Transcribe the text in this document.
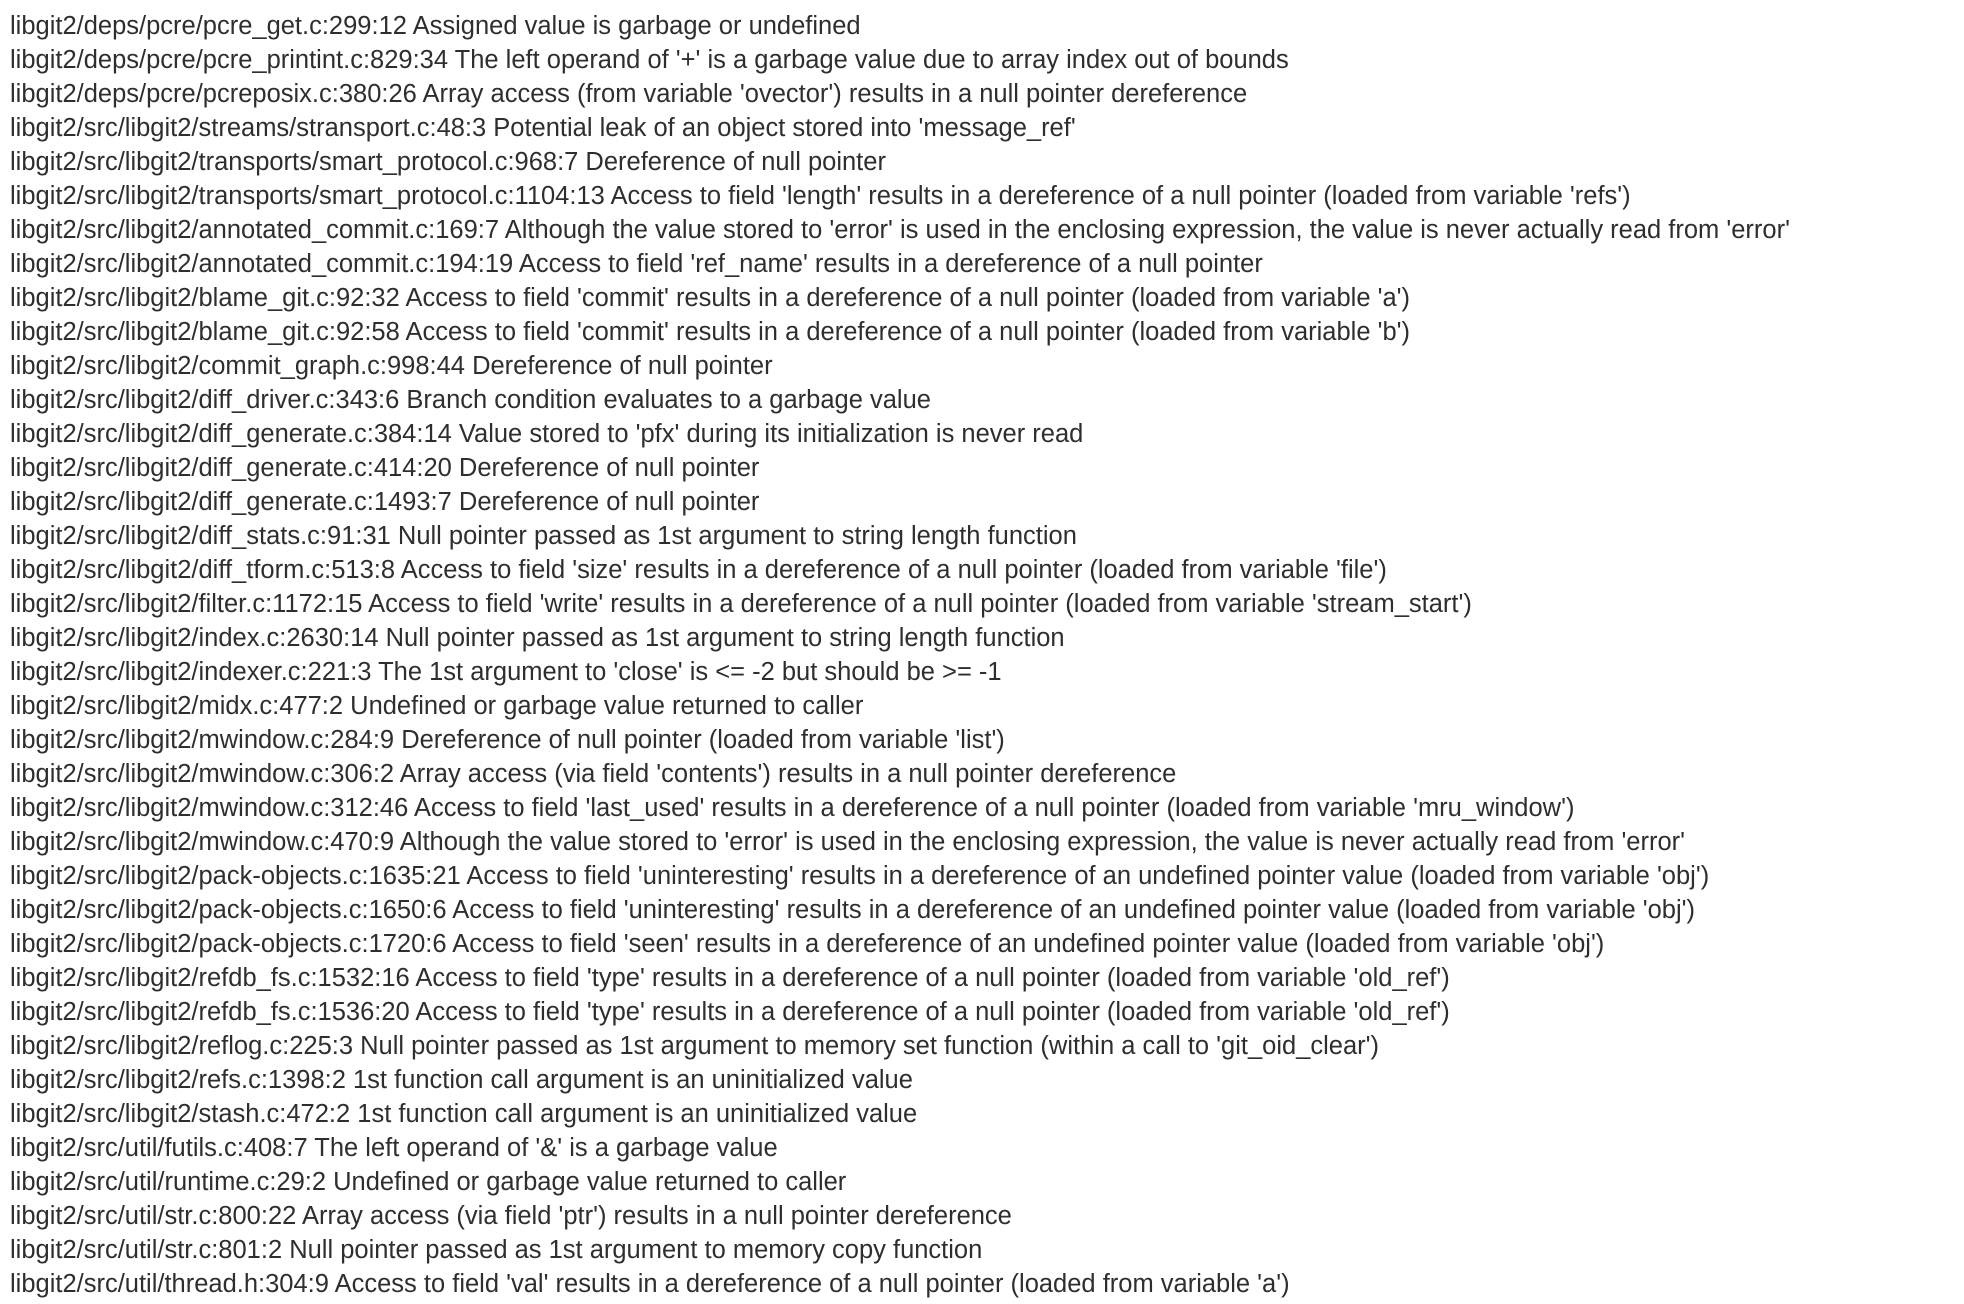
libgit2/deps/pcre/pcre_get.c:299:12 Assigned value is garbage or undefined
libgit2/deps/pcre/pcre_printint.c:829:34 The left operand of '+' is a garbage value due to array index out of bounds
libgit2/deps/pcre/pcreposix.c:380:26 Array access (from variable 'ovector') results in a null pointer dereference
libgit2/src/libgit2/streams/stransport.c:48:3 Potential leak of an object stored into 'message_ref'
libgit2/src/libgit2/transports/smart_protocol.c:968:7 Dereference of null pointer
libgit2/src/libgit2/transports/smart_protocol.c:1104:13 Access to field 'length' results in a dereference of a null pointer (loaded from variable 'refs')
libgit2/src/libgit2/annotated_commit.c:169:7 Although the value stored to 'error' is used in the enclosing expression, the value is never actually read from 'error'
libgit2/src/libgit2/annotated_commit.c:194:19 Access to field 'ref_name' results in a dereference of a null pointer
libgit2/src/libgit2/blame_git.c:92:32 Access to field 'commit' results in a dereference of a null pointer (loaded from variable 'a')
libgit2/src/libgit2/blame_git.c:92:58 Access to field 'commit' results in a dereference of a null pointer (loaded from variable 'b')
libgit2/src/libgit2/commit_graph.c:998:44 Dereference of null pointer
libgit2/src/libgit2/diff_driver.c:343:6 Branch condition evaluates to a garbage value
libgit2/src/libgit2/diff_generate.c:384:14 Value stored to 'pfx' during its initialization is never read
libgit2/src/libgit2/diff_generate.c:414:20 Dereference of null pointer
libgit2/src/libgit2/diff_generate.c:1493:7 Dereference of null pointer
libgit2/src/libgit2/diff_stats.c:91:31 Null pointer passed as 1st argument to string length function
libgit2/src/libgit2/diff_tform.c:513:8 Access to field 'size' results in a dereference of a null pointer (loaded from variable 'file')
libgit2/src/libgit2/filter.c:1172:15 Access to field 'write' results in a dereference of a null pointer (loaded from variable 'stream_start')
libgit2/src/libgit2/index.c:2630:14 Null pointer passed as 1st argument to string length function
libgit2/src/libgit2/indexer.c:221:3 The 1st argument to 'close' is <= -2 but should be >= -1
libgit2/src/libgit2/midx.c:477:2 Undefined or garbage value returned to caller
libgit2/src/libgit2/mwindow.c:284:9 Dereference of null pointer (loaded from variable 'list')
libgit2/src/libgit2/mwindow.c:306:2 Array access (via field 'contents') results in a null pointer dereference
libgit2/src/libgit2/mwindow.c:312:46 Access to field 'last_used' results in a dereference of a null pointer (loaded from variable 'mru_window')
libgit2/src/libgit2/mwindow.c:470:9 Although the value stored to 'error' is used in the enclosing expression, the value is never actually read from 'error'
libgit2/src/libgit2/pack-objects.c:1635:21 Access to field 'uninteresting' results in a dereference of an undefined pointer value (loaded from variable 'obj')
libgit2/src/libgit2/pack-objects.c:1650:6 Access to field 'uninteresting' results in a dereference of an undefined pointer value (loaded from variable 'obj')
libgit2/src/libgit2/pack-objects.c:1720:6 Access to field 'seen' results in a dereference of an undefined pointer value (loaded from variable 'obj')
libgit2/src/libgit2/refdb_fs.c:1532:16 Access to field 'type' results in a dereference of a null pointer (loaded from variable 'old_ref')
libgit2/src/libgit2/refdb_fs.c:1536:20 Access to field 'type' results in a dereference of a null pointer (loaded from variable 'old_ref')
libgit2/src/libgit2/reflog.c:225:3 Null pointer passed as 1st argument to memory set function (within a call to 'git_oid_clear')
libgit2/src/libgit2/refs.c:1398:2 1st function call argument is an uninitialized value
libgit2/src/libgit2/stash.c:472:2 1st function call argument is an uninitialized value
libgit2/src/util/futils.c:408:7 The left operand of '&' is a garbage value
libgit2/src/util/runtime.c:29:2 Undefined or garbage value returned to caller
libgit2/src/util/str.c:800:22 Array access (via field 'ptr') results in a null pointer dereference
libgit2/src/util/str.c:801:2 Null pointer passed as 1st argument to memory copy function
libgit2/src/util/thread.h:304:9 Access to field 'val' results in a dereference of a null pointer (loaded from variable 'a')
